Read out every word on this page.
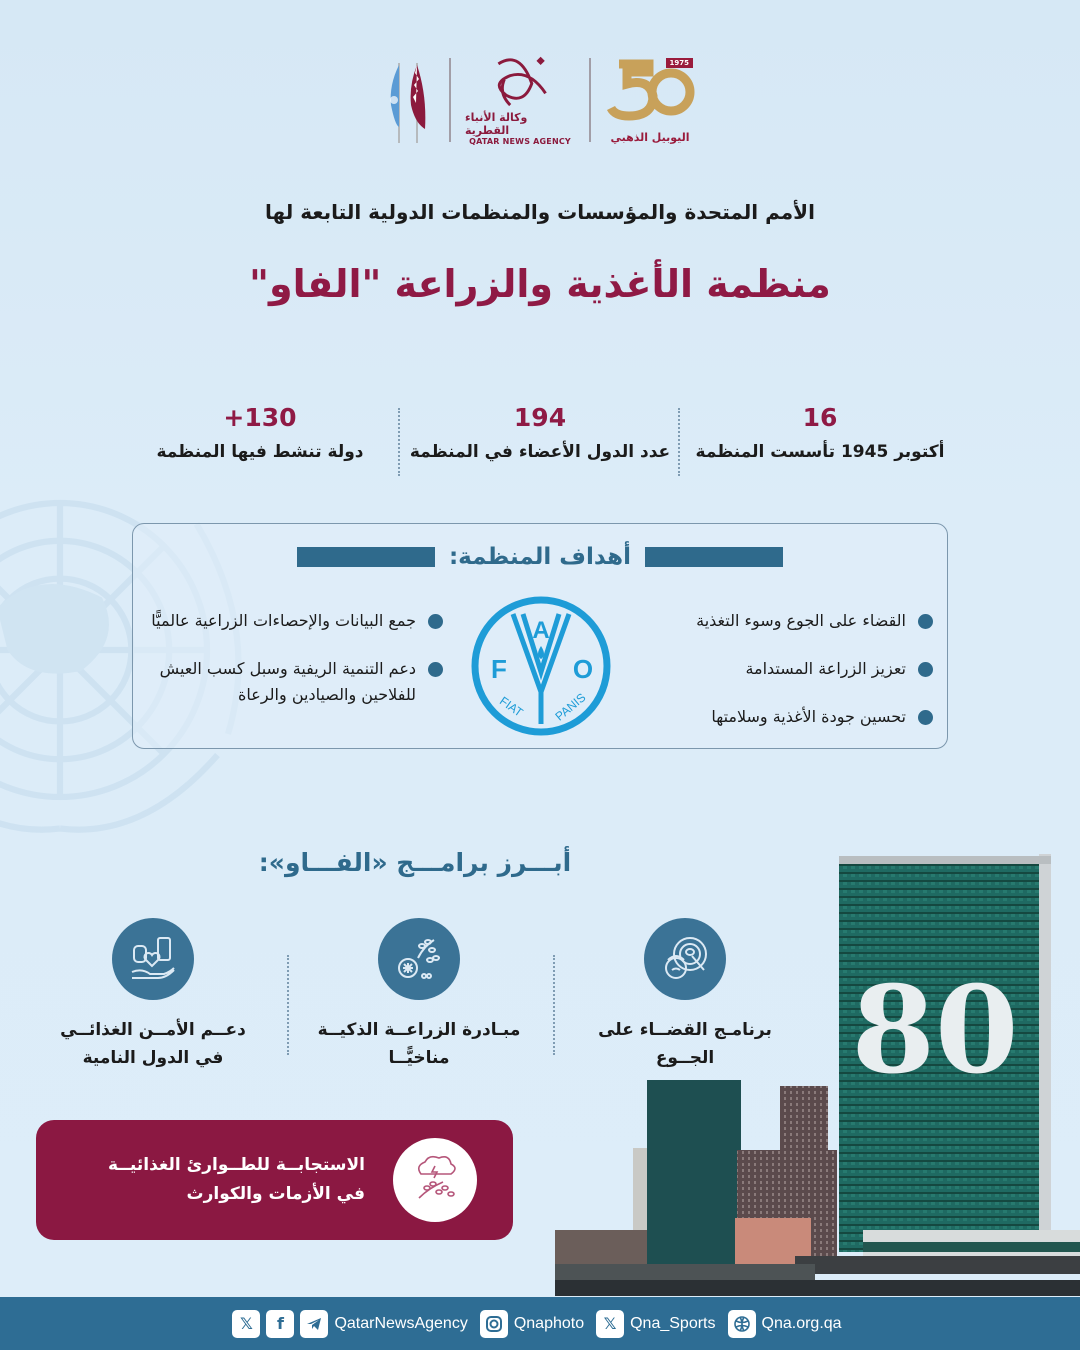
وكالة الأنباء القطرية
QATAR NEWS AGENCY
1975
اليوبيل الذهبي
الأمم المتحدة والمؤسسات والمنظمات الدولية التابعة لها
منظمة الأغذية والزراعة "الفاو"
16
أكتوبر 1945 تأسست المنظمة
194
عدد الدول الأعضاء في المنظمة
130+
دولة تنشط فيها المنظمة
أهداف المنظمة:
القضاء على الجوع وسوء التغذية
تعزيز الزراعة المستدامة
تحسين جودة الأغذية وسلامتها
A
F	O
FIAT PANIS
جمع البيانات والإحصاءات الزراعية عالميًّا
دعم التنمية الريفية وسبل كسب العيش للفلاحين والصيادين والرعاة
أبـــرز برامـــج «الفـــاو»:
برنامـج القضــاء على
الجــوع
مبـادرة الزراعــة الذكيــة
مناخيًّــا
دعــم الأمــن الغذائــي
في الدول النامية
الاستجابــة للطــوارئ الغذائيــة
في الأزمات والكوارث
80
𝕏	f	QatarNewsAgency	Qnaphoto	𝕏 Qna_Sports	Qna.org.qa
